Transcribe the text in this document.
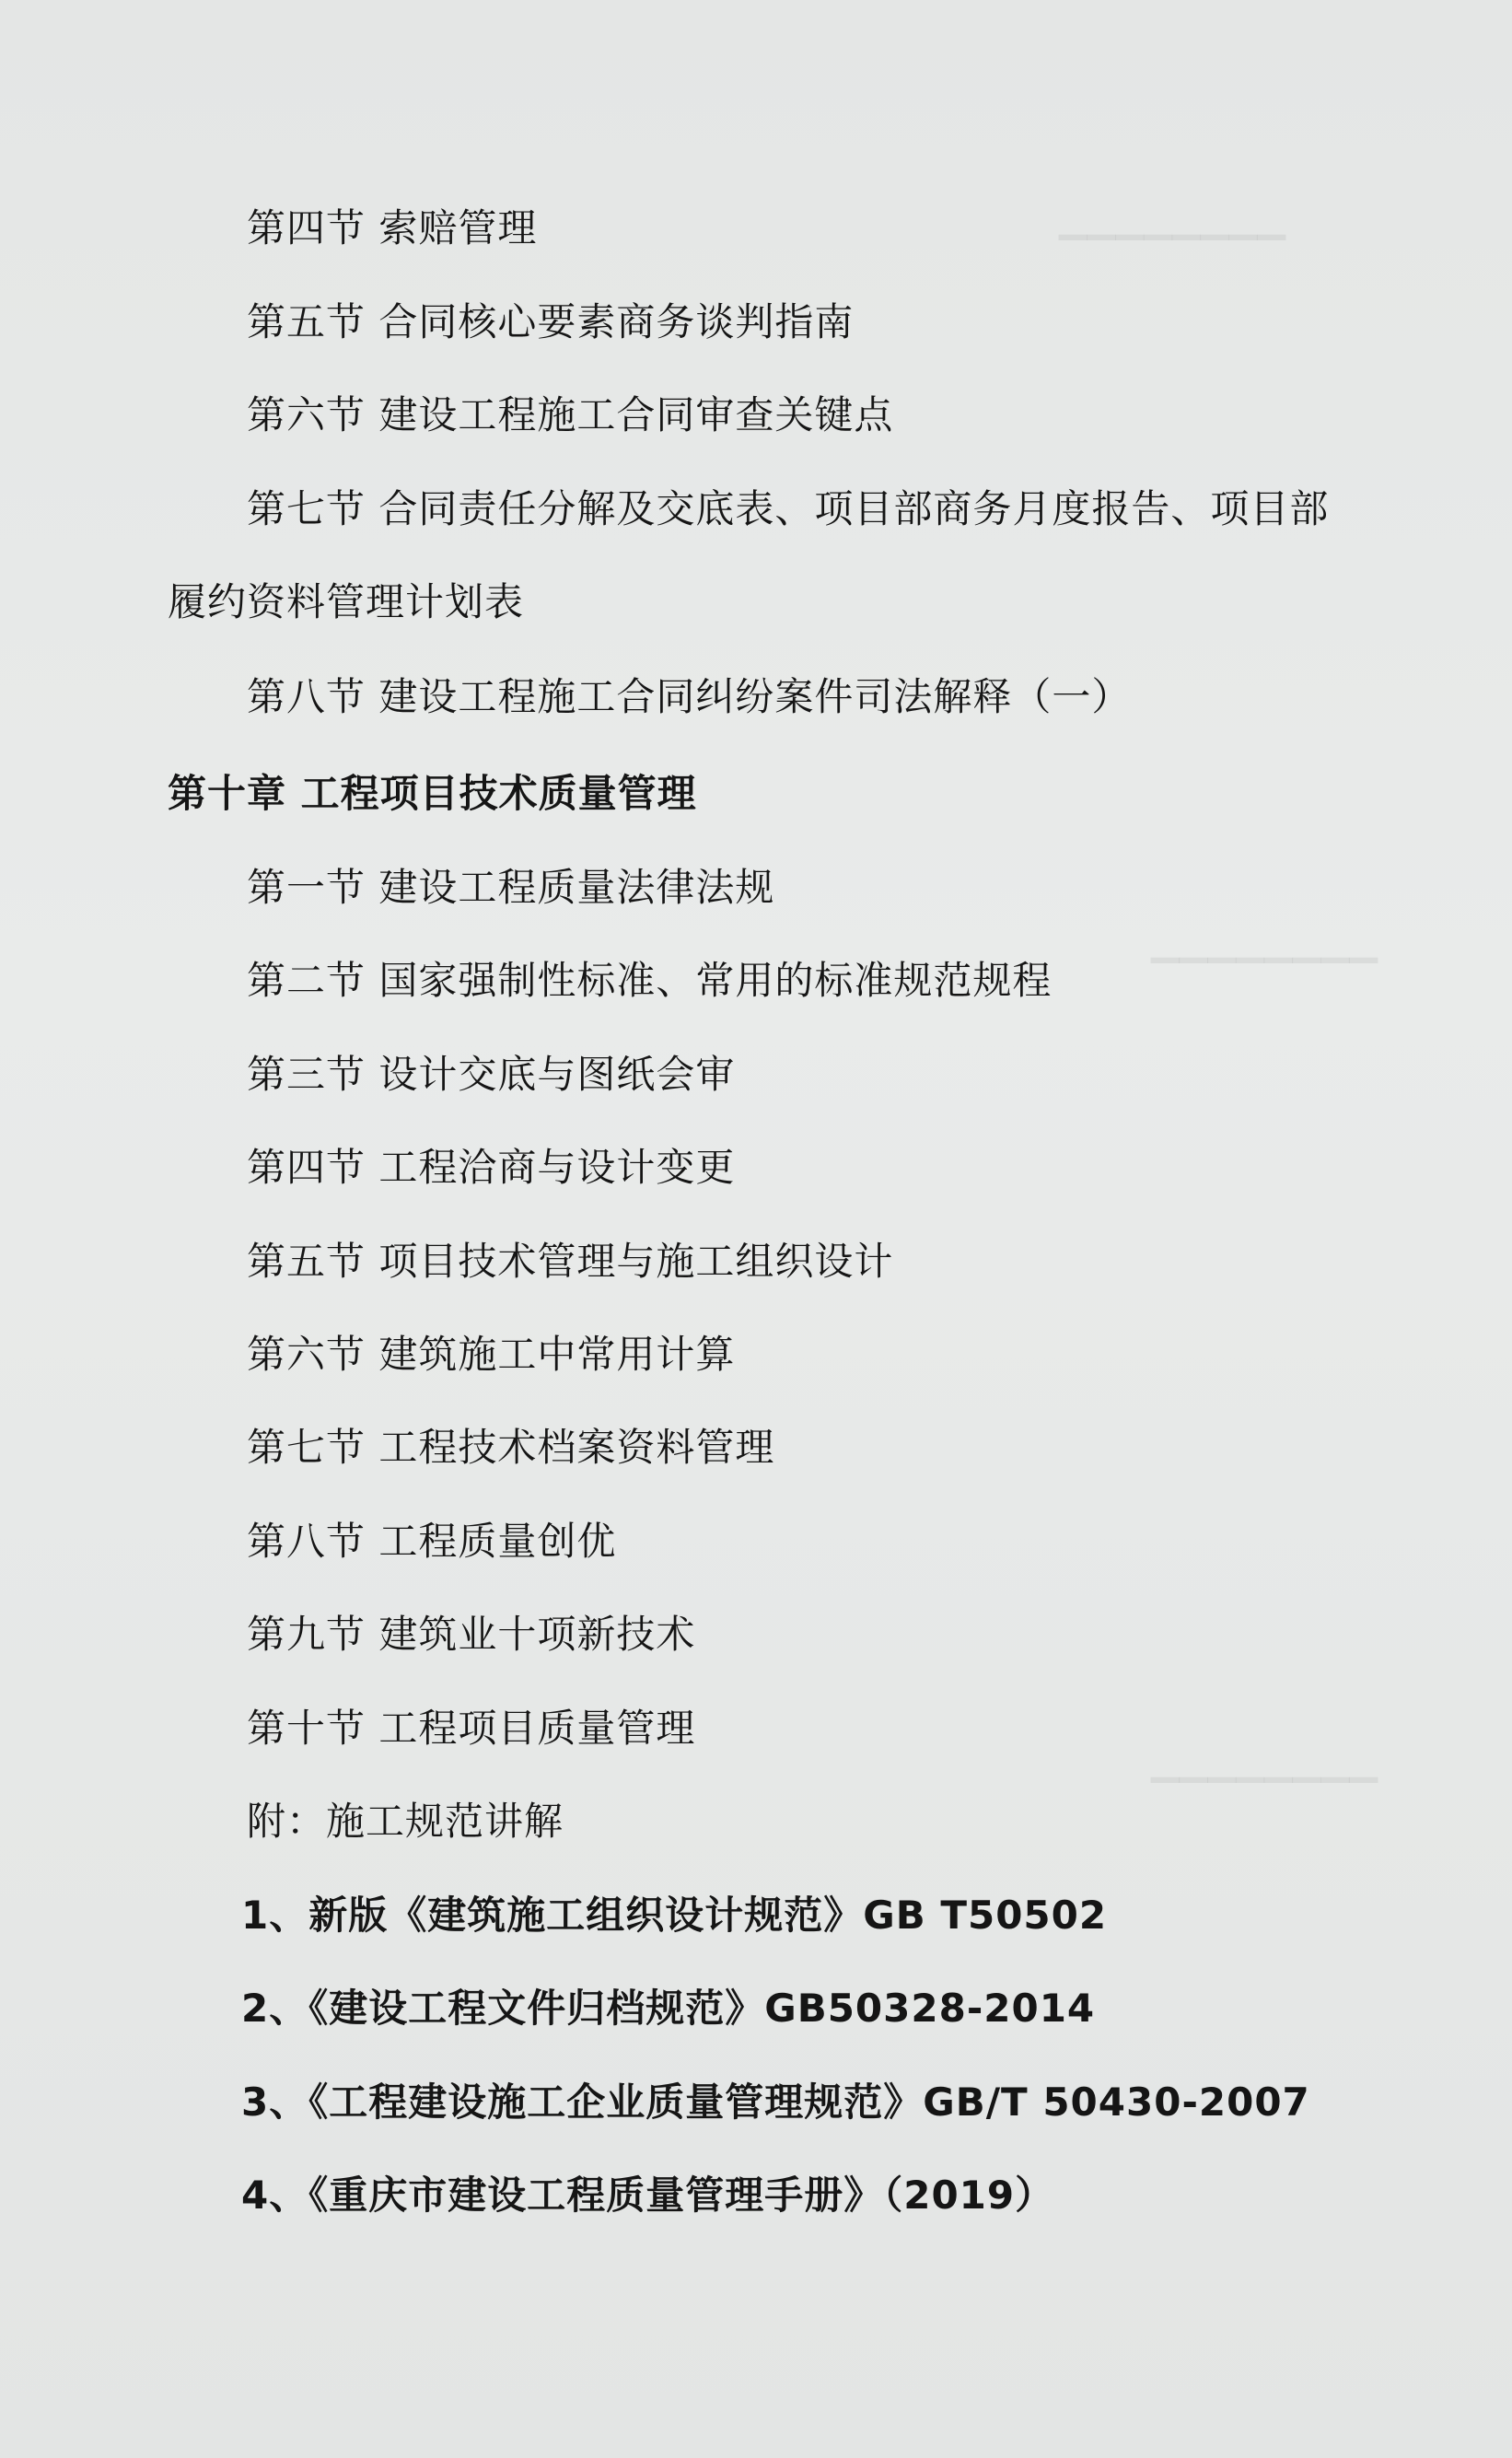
▁▁▁▁▁▁▁▁
▁▁▁▁▁▁▁▁
▁▁▁▁▁▁▁▁
第四节 索赔管理
第五节 合同核心要素商务谈判指南
第六节 建设工程施工合同审查关键点
第七节 合同责任分解及交底表、项目部商务月度报告、项目部
履约资料管理计划表
第八节 建设工程施工合同纠纷案件司法解释（一）
第十章 工程项目技术质量管理
第一节 建设工程质量法律法规
第二节 国家强制性标准、常用的标准规范规程
第三节 设计交底与图纸会审
第四节 工程洽商与设计变更
第五节 项目技术管理与施工组织设计
第六节 建筑施工中常用计算
第七节 工程技术档案资料管理
第八节 工程质量创优
第九节 建筑业十项新技术
第十节 工程项目质量管理
附：施工规范讲解
1、新版《建筑施工组织设计规范》GB T50502
2、《建设工程文件归档规范》GB50328-2014
3、《工程建设施工企业质量管理规范》GB/T 50430-2007
4、《重庆市建设工程质量管理手册》（2019）
